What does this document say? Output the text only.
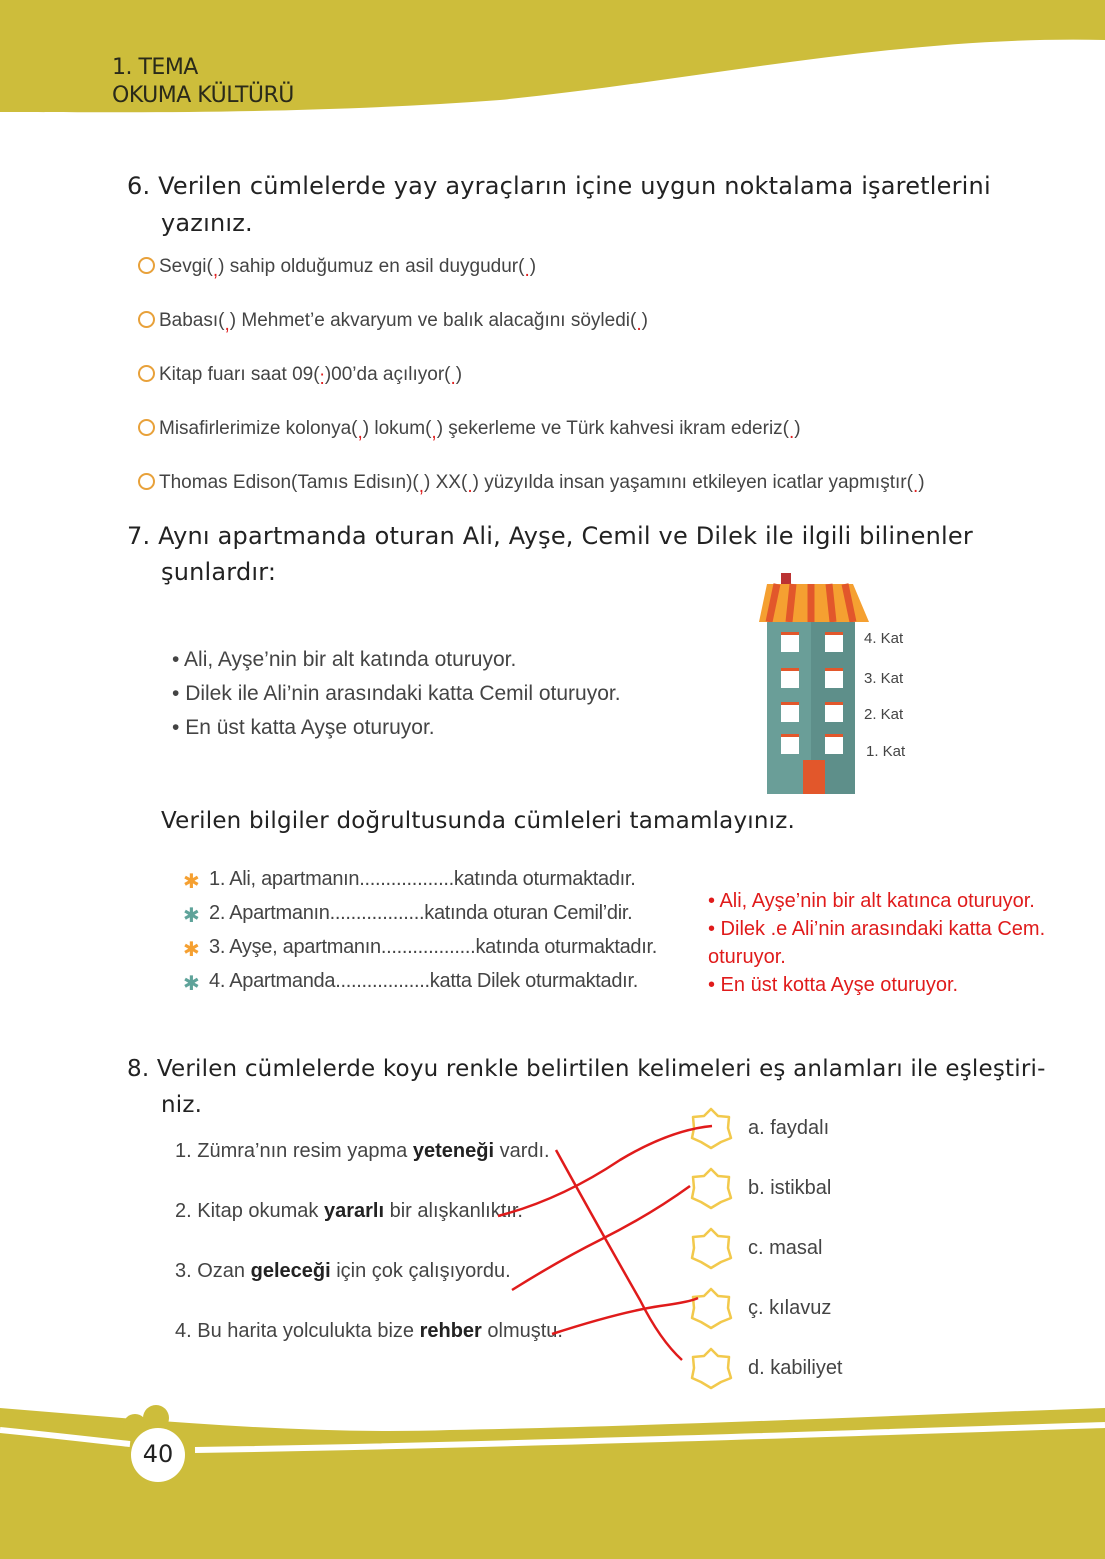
1. TEMA
OKUMA KÜLTÜRÜ
6. Verilen cümlelerde yay ayraçların içine uygun noktalama işaretlerini
yazınız.
Sevgi(,) sahip olduğumuz en asil duygudur(.)
Babası(,) Mehmet’e akvaryum ve balık alacağını söyledi(.)
Kitap fuarı saat 09(:)00’da açılıyor(.)
Misafirlerimize kolonya(,) lokum(,) şekerleme ve Türk kahvesi ikram ederiz(.)
Thomas Edison(Tamıs Edisın)(,) XX(.) yüzyılda insan yaşamını etkileyen icatlar yapmıştır(.)
7. Aynı apartmanda oturan Ali, Ayşe, Cemil ve Dilek ile ilgili bilinenler
şunlardır:
• Ali, Ayşe’nin bir alt katında oturuyor.
• Dilek ile Ali’nin arasındaki katta Cemil oturuyor.
• En üst katta Ayşe oturuyor.
4. Kat
3. Kat
2. Kat
1. Kat
Verilen bilgiler doğrultusunda cümleleri tamamlayınız.
✱ 1. Ali, apartmanın..................katında oturmaktadır.
✱ 2. Apartmanın..................katında oturan Cemil’dir.
✱ 3. Ayşe, apartmanın..................katında oturmaktadır.
✱ 4. Apartmanda..................katta Dilek oturmaktadır.
• Ali, Ayşe’nin bir alt katınca oturuyor.
• Dilek .e Ali’nin arasındaki katta Cem.
oturuyor.
• En üst kotta Ayşe oturuyor.
8. Verilen cümlelerde koyu renkle belirtilen kelimeleri eş anlamları ile eşleştiri-
niz.
1. Zümra’nın resim yapma yeteneği vardı.
2. Kitap okumak yararlı bir alışkanlıktır.
3. Ozan geleceği için çok çalışıyordu.
4. Bu harita yolculukta bize rehber olmuştu.
a. faydalı
b. istikbal
c. masal
ç. kılavuz
d. kabiliyet
40
